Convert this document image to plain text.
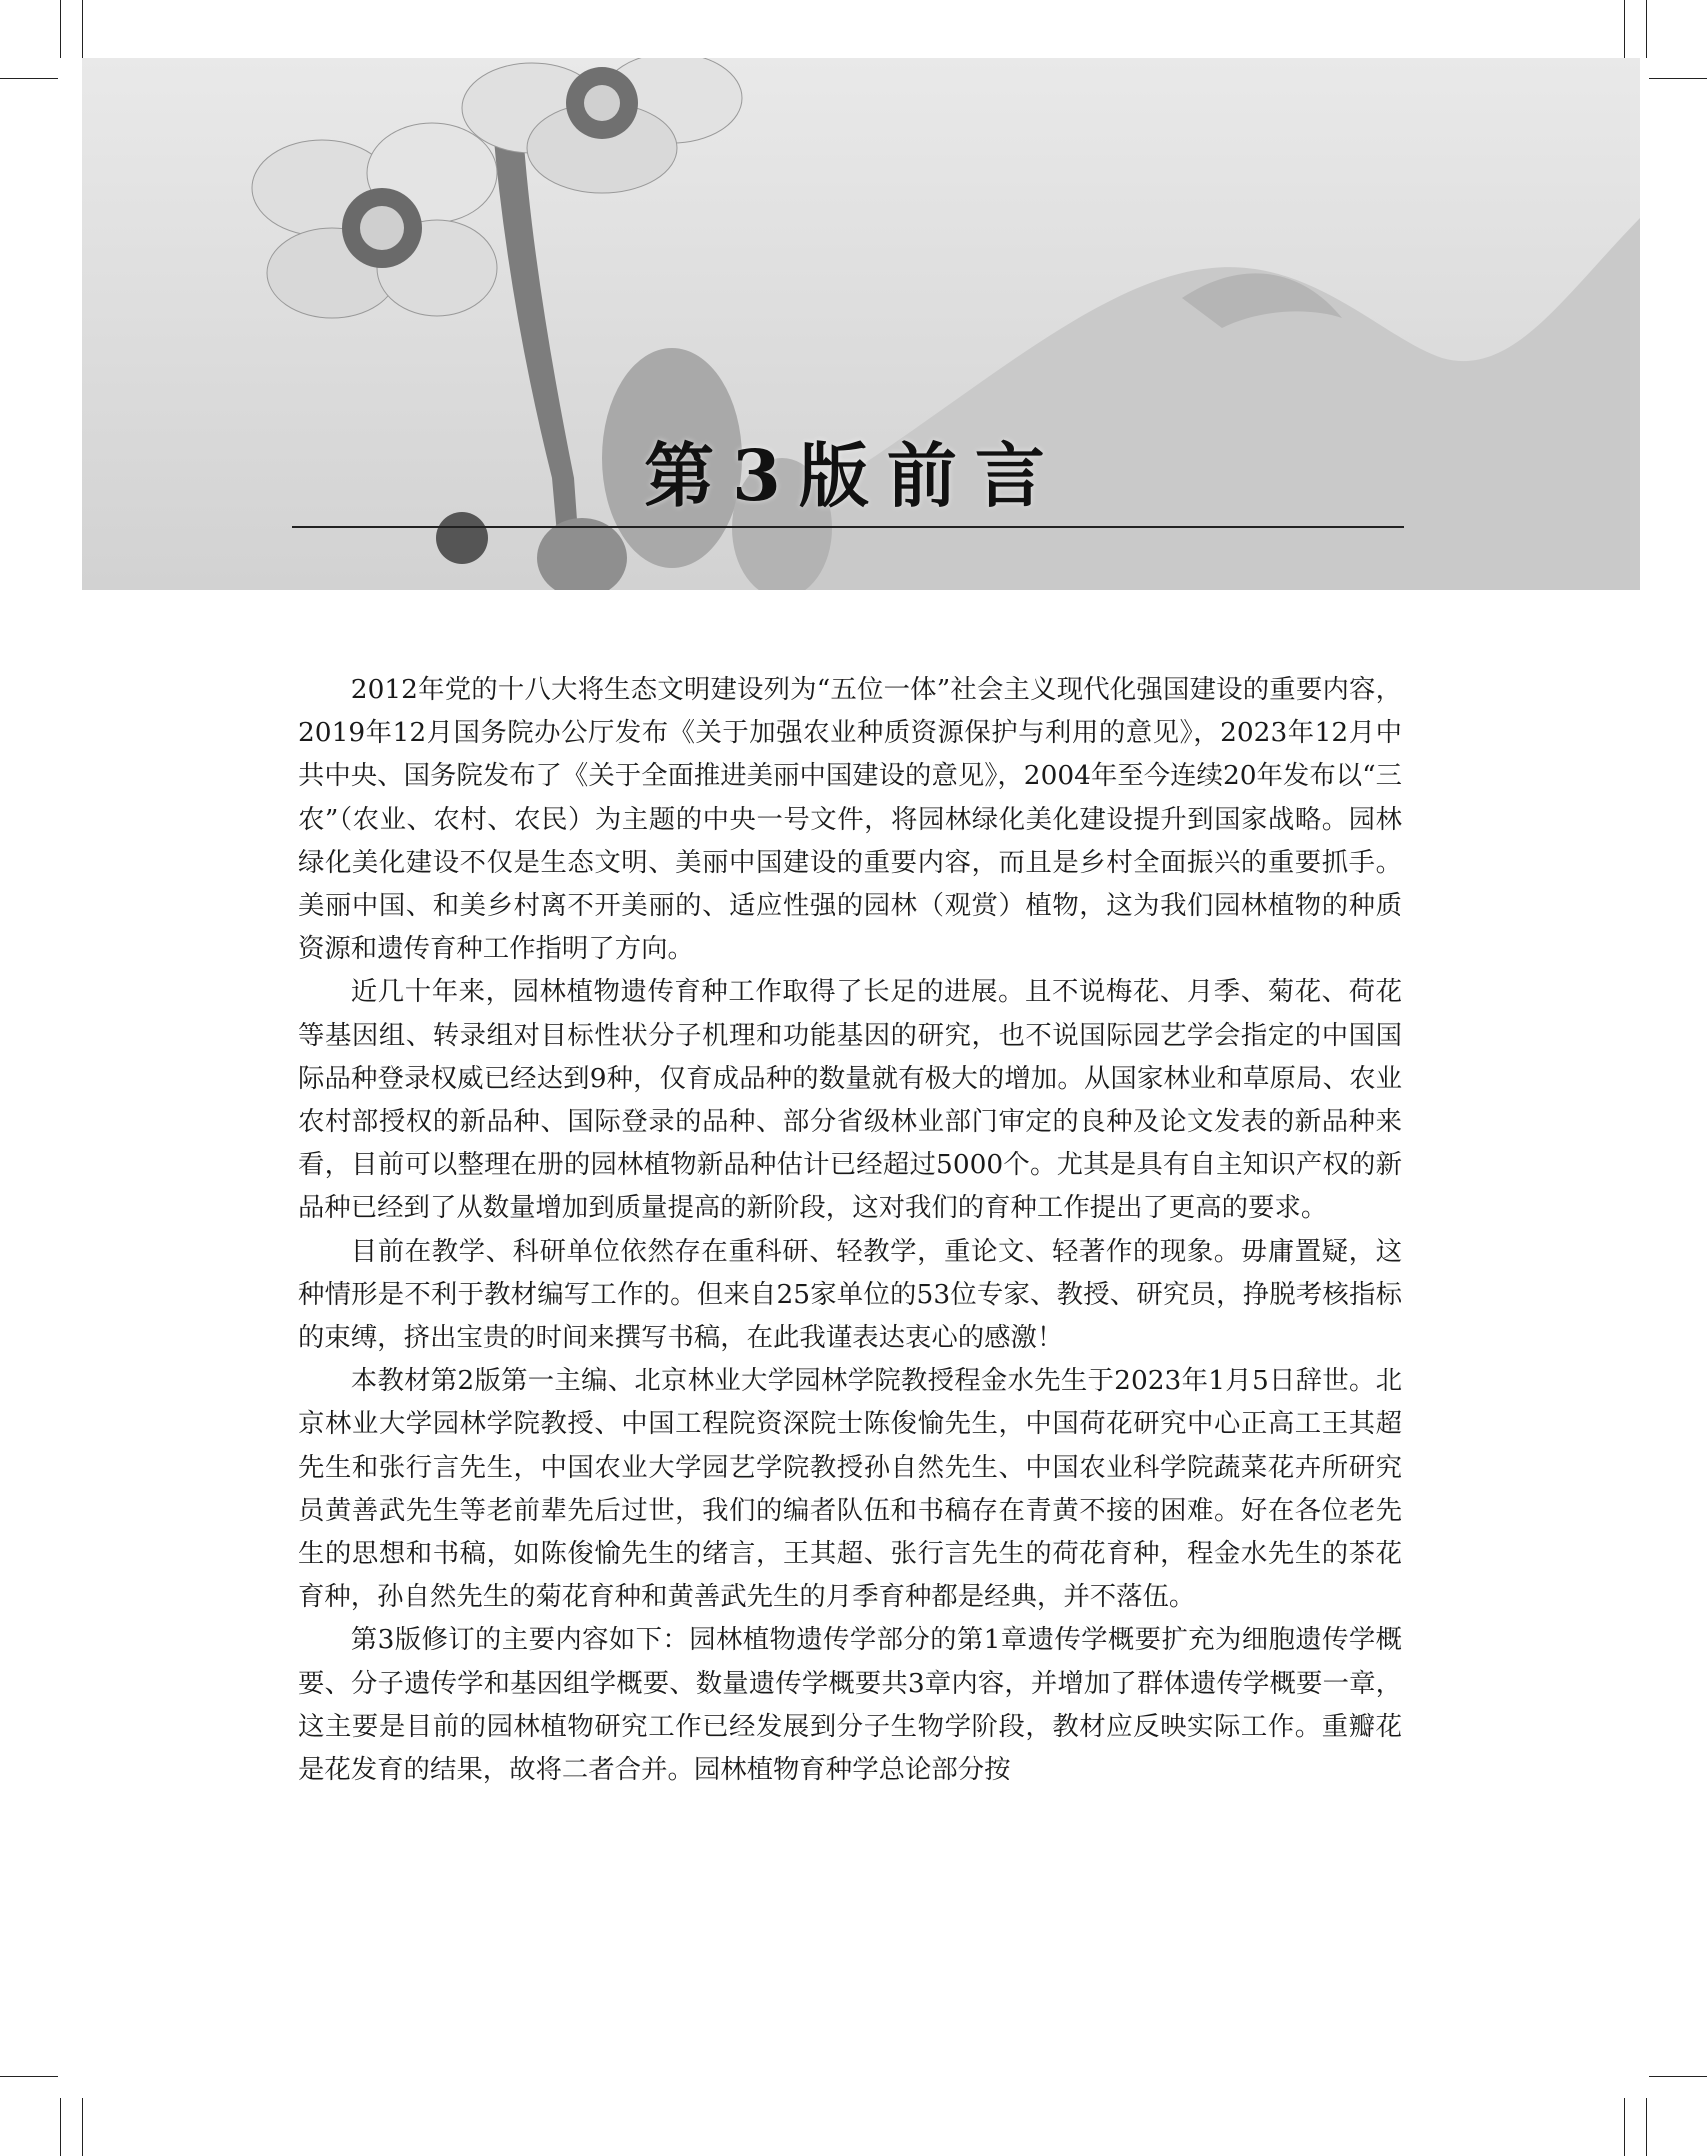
第3版前言

2012年党的十八大将生态文明建设列为“五位一体”社会主义现代化强国建设的重要内容，2019年12月国务院办公厅发布《关于加强农业种质资源保护与利用的意见》，2023年12月中共中央、国务院发布了《关于全面推进美丽中国建设的意见》，2004年至今连续20年发布以“三农”（农业、农村、农民）为主题的中央一号文件，将园林绿化美化建设提升到国家战略。园林绿化美化建设不仅是生态文明、美丽中国建设的重要内容，而且是乡村全面振兴的重要抓手。美丽中国、和美乡村离不开美丽的、适应性强的园林（观赏）植物，这为我们园林植物的种质资源和遗传育种工作指明了方向。

近几十年来，园林植物遗传育种工作取得了长足的进展。且不说梅花、月季、菊花、荷花等基因组、转录组对目标性状分子机理和功能基因的研究，也不说国际园艺学会指定的中国国际品种登录权威已经达到9种，仅育成品种的数量就有极大的增加。从国家林业和草原局、农业农村部授权的新品种、国际登录的品种、部分省级林业部门审定的良种及论文发表的新品种来看，目前可以整理在册的园林植物新品种估计已经超过5000个。尤其是具有自主知识产权的新品种已经到了从数量增加到质量提高的新阶段，这对我们的育种工作提出了更高的要求。

目前在教学、科研单位依然存在重科研、轻教学，重论文、轻著作的现象。毋庸置疑，这种情形是不利于教材编写工作的。但来自25家单位的53位专家、教授、研究员，挣脱考核指标的束缚，挤出宝贵的时间来撰写书稿，在此我谨表达衷心的感激！

本教材第2版第一主编、北京林业大学园林学院教授程金水先生于2023年1月5日辞世。北京林业大学园林学院教授、中国工程院资深院士陈俊愉先生，中国荷花研究中心正高工王其超先生和张行言先生，中国农业大学园艺学院教授孙自然先生、中国农业科学院蔬菜花卉所研究员黄善武先生等老前辈先后过世，我们的编者队伍和书稿存在青黄不接的困难。好在各位老先生的思想和书稿，如陈俊愉先生的绪言，王其超、张行言先生的荷花育种，程金水先生的茶花育种，孙自然先生的菊花育种和黄善武先生的月季育种都是经典，并不落伍。

第3版修订的主要内容如下：园林植物遗传学部分的第1章遗传学概要扩充为细胞遗传学概要、分子遗传学和基因组学概要、数量遗传学概要共3章内容，并增加了群体遗传学概要一章，这主要是目前的园林植物研究工作已经发展到分子生物学阶段，教材应反映实际工作。重瓣花是花发育的结果，故将二者合并。园林植物育种学总论部分按
